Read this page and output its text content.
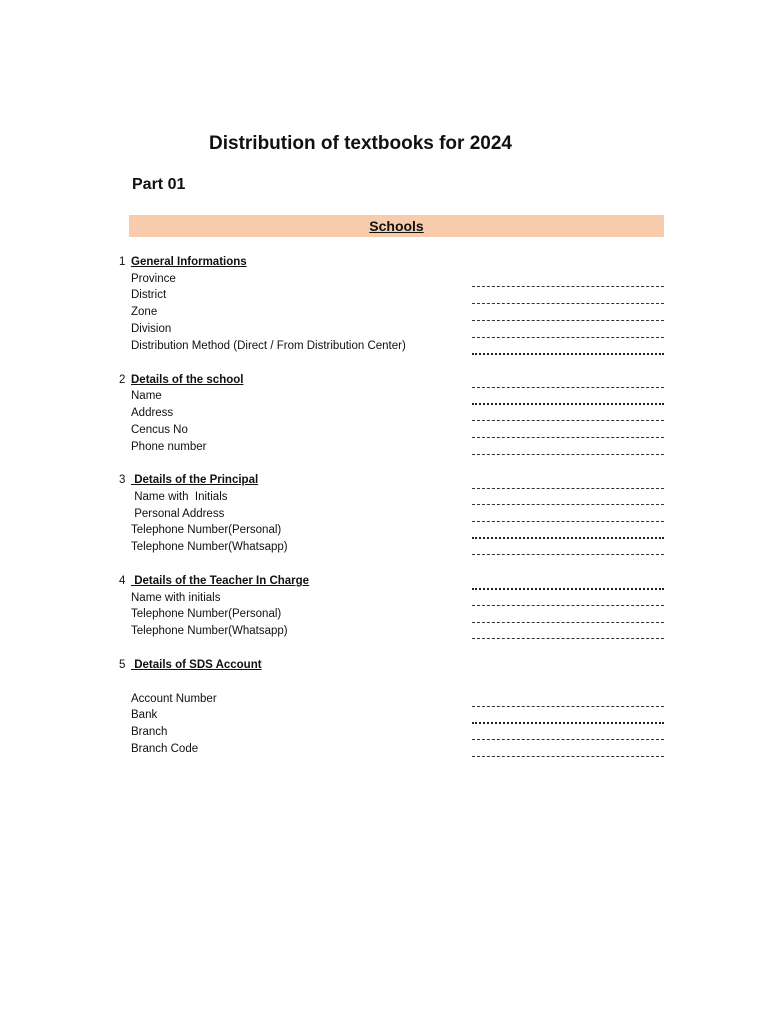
Distribution of textbooks for 2024
Part 01
Schools
1 General Informations
Province
District
Zone
Division
Distribution Method (Direct / From Distribution Center)
2 Details of the school
Name
Address
Cencus No
Phone number
3 Details of the Principal
Name with  Initials
Personal Address
Telephone Number(Personal)
Telephone Number(Whatsapp)
4 Details of the Teacher In Charge
Name with initials
Telephone Number(Personal)
Telephone Number(Whatsapp)
5 Details of SDS Account
Account Number
Bank
Branch
Branch Code
